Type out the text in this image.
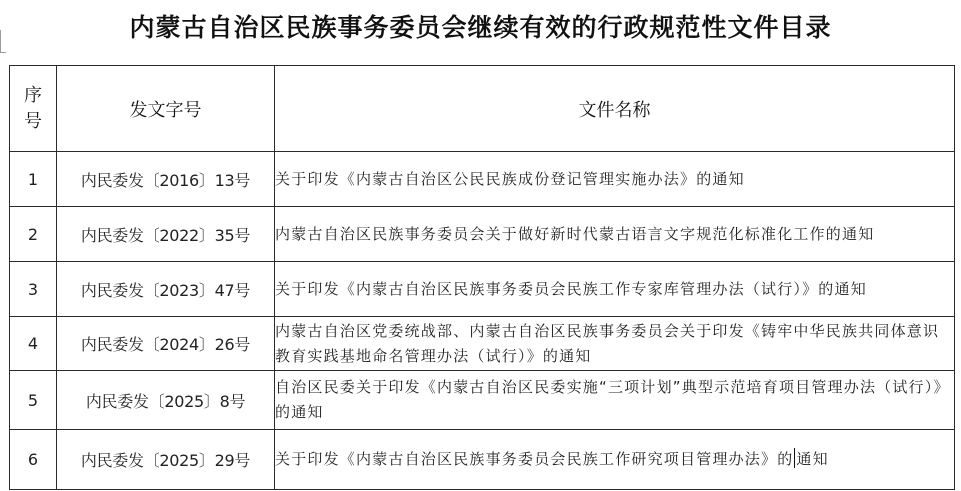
内蒙古自治区民族事务委员会继续有效的行政规范性文件目录
序号	发文字号	文件名称
1	内民委发〔2016〕13号	关于印发《内蒙古自治区公民民族成份登记管理实施办法》的通知
2	内民委发〔2022〕35号	内蒙古自治区民族事务委员会关于做好新时代蒙古语言文字规范化标准化工作的通知
3	内民委发〔2023〕47号	关于印发《内蒙古自治区民族事务委员会民族工作专家库管理办法（试行）》的通知
4	内民委发〔2024〕26号	内蒙古自治区党委统战部、内蒙古自治区民族事务委员会关于印发《铸牢中华民族共同体意识教育实践基地命名管理办法（试行）》的通知
5	内民委发〔2025〕8号	自治区民委关于印发《内蒙古自治区民委实施“三项计划”典型示范培育项目管理办法（试行）》的通知
6	内民委发〔2025〕29号	关于印发《内蒙古自治区民族事务委员会民族工作研究项目管理办法》的 通知
